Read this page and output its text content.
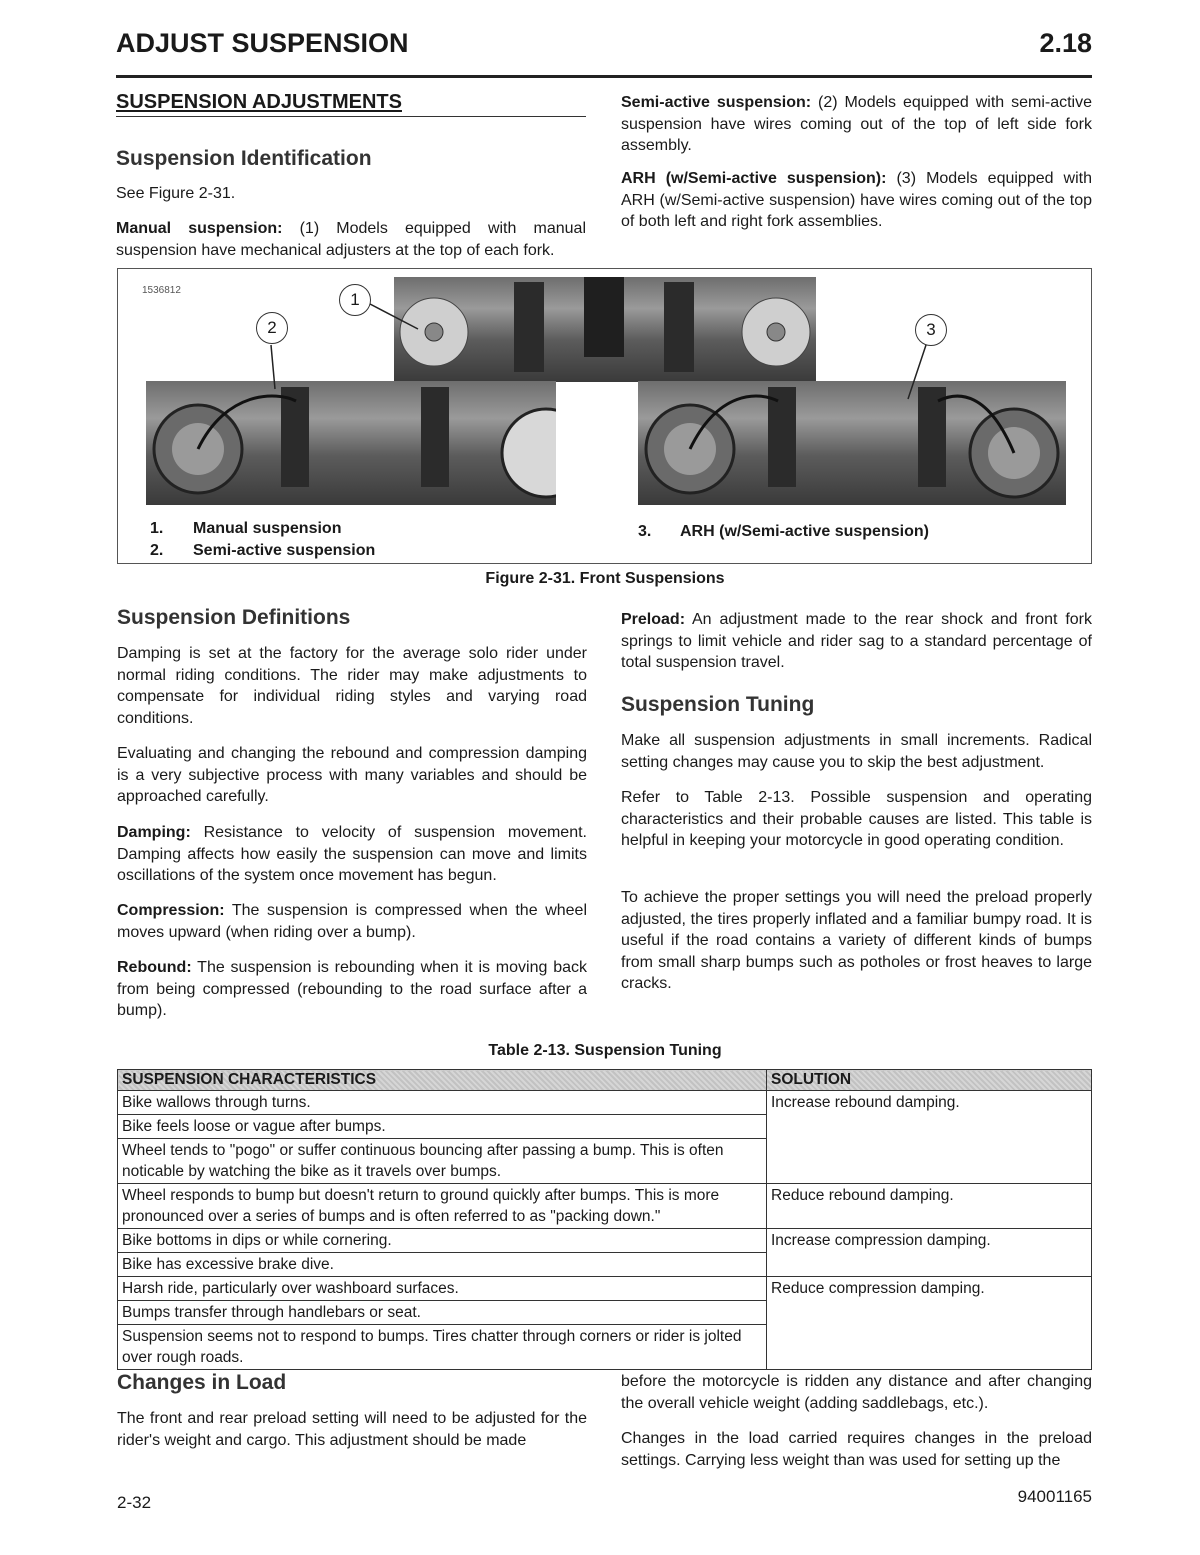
ADJUST SUSPENSION	2.18
SUSPENSION ADJUSTMENTS
Suspension Identification

See Figure 2-31.

Manual suspension: (1) Models equipped with manual suspension have mechanical adjusters at the top of each fork.

Semi-active suspension: (2) Models equipped with semi-active suspension have wires coming out of the top of left side fork assembly.

ARH (w/Semi-active suspension): (3) Models equipped with ARH (w/Semi-active suspension) have wires coming out of the top of both left and right fork assemblies.

1536812	1
2	3
1. Manual suspension
2. Semi-active suspension
3. ARH (w/Semi-active suspension)
Figure 2-31. Front Suspensions
Suspension Definitions

Damping is set at the factory for the average solo rider under normal riding conditions. The rider may make adjustments to compensate for individual riding styles and varying road conditions.

Evaluating and changing the rebound and compression damping is a very subjective process with many variables and should be approached carefully.

Damping: Resistance to velocity of suspension movement. Damping affects how easily the suspension can move and limits oscillations of the system once movement has begun.

Compression: The suspension is compressed when the wheel moves upward (when riding over a bump).

Rebound: The suspension is rebounding when it is moving back from being compressed (rebounding to the road surface after a bump).

Preload: An adjustment made to the rear shock and front fork springs to limit vehicle and rider sag to a standard percentage of total suspension travel.

Suspension Tuning

Make all suspension adjustments in small increments. Radical setting changes may cause you to skip the best adjustment.

Refer to Table 2-13. Possible suspension and operating characteristics and their probable causes are listed. This table is helpful in keeping your motorcycle in good operating condition.

To achieve the proper settings you will need the preload properly adjusted, the tires properly inflated and a familiar bumpy road. It is useful if the road contains a variety of different kinds of bumps from small sharp bumps such as potholes or frost heaves to large cracks.

Table 2-13. Suspension Tuning
SUSPENSION CHARACTERISTICS	SOLUTION
Bike wallows through turns.	Increase rebound damping.
Bike feels loose or vague after bumps.	
Wheel tends to "pogo" or suffer continuous bouncing after passing a bump. This is often noticable by watching the bike as it travels over bumps.	
Wheel responds to bump but doesn't return to ground quickly after bumps. This is more pronounced over a series of bumps and is often referred to as "packing down."	Reduce rebound damping.
Bike bottoms in dips or while cornering.	Increase compression damping.
Bike has excessive brake dive.	
Harsh ride, particularly over washboard surfaces.	Reduce compression damping.
Bumps transfer through handlebars or seat.	
Suspension seems not to respond to bumps. Tires chatter through corners or rider is jolted over rough roads.	
Changes in Load

The front and rear preload setting will need to be adjusted for the rider's weight and cargo. This adjustment should be made

before the motorcycle is ridden any distance and after changing the overall vehicle weight (adding saddlebags, etc.).

Changes in the load carried requires changes in the preload settings. Carrying less weight than was used for setting up the

2-32	94001165
